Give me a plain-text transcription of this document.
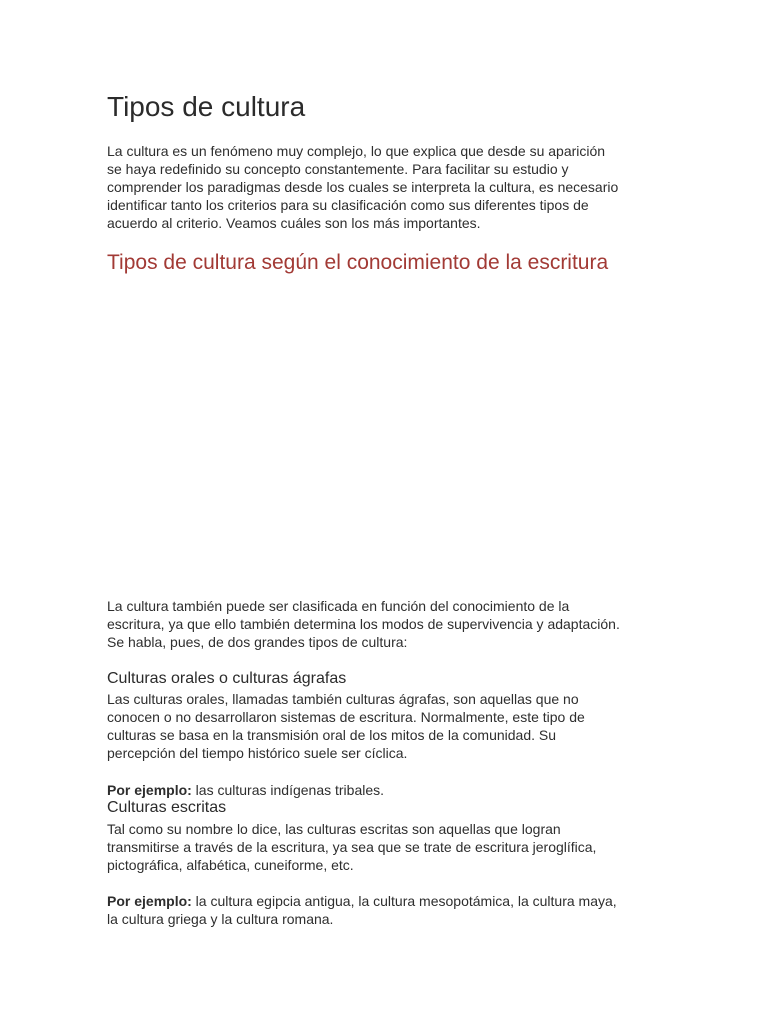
Tipos de cultura

La cultura es un fenómeno muy complejo, lo que explica que desde su aparición
se haya redefinido su concepto constantemente. Para facilitar su estudio y
comprender los paradigmas desde los cuales se interpreta la cultura, es necesario
identificar tanto los criterios para su clasificación como sus diferentes tipos de
acuerdo al criterio. Veamos cuáles son los más importantes.

Tipos de cultura según el conocimiento de la escritura

La cultura también puede ser clasificada en función del conocimiento de la
escritura, ya que ello también determina los modos de supervivencia y adaptación.
Se habla, pues, de dos grandes tipos de cultura:

Culturas orales o culturas ágrafas

Las culturas orales, llamadas también culturas ágrafas, son aquellas que no
conocen o no desarrollaron sistemas de escritura. Normalmente, este tipo de
culturas se basa en la transmisión oral de los mitos de la comunidad. Su
percepción del tiempo histórico suele ser cíclica.

Por ejemplo: las culturas indígenas tribales.

Culturas escritas

Tal como su nombre lo dice, las culturas escritas son aquellas que logran
transmitirse a través de la escritura, ya sea que se trate de escritura jeroglífica,
pictográfica, alfabética, cuneiforme, etc.

Por ejemplo: la cultura egipcia antigua, la cultura mesopotámica, la cultura maya,
la cultura griega y la cultura romana.
